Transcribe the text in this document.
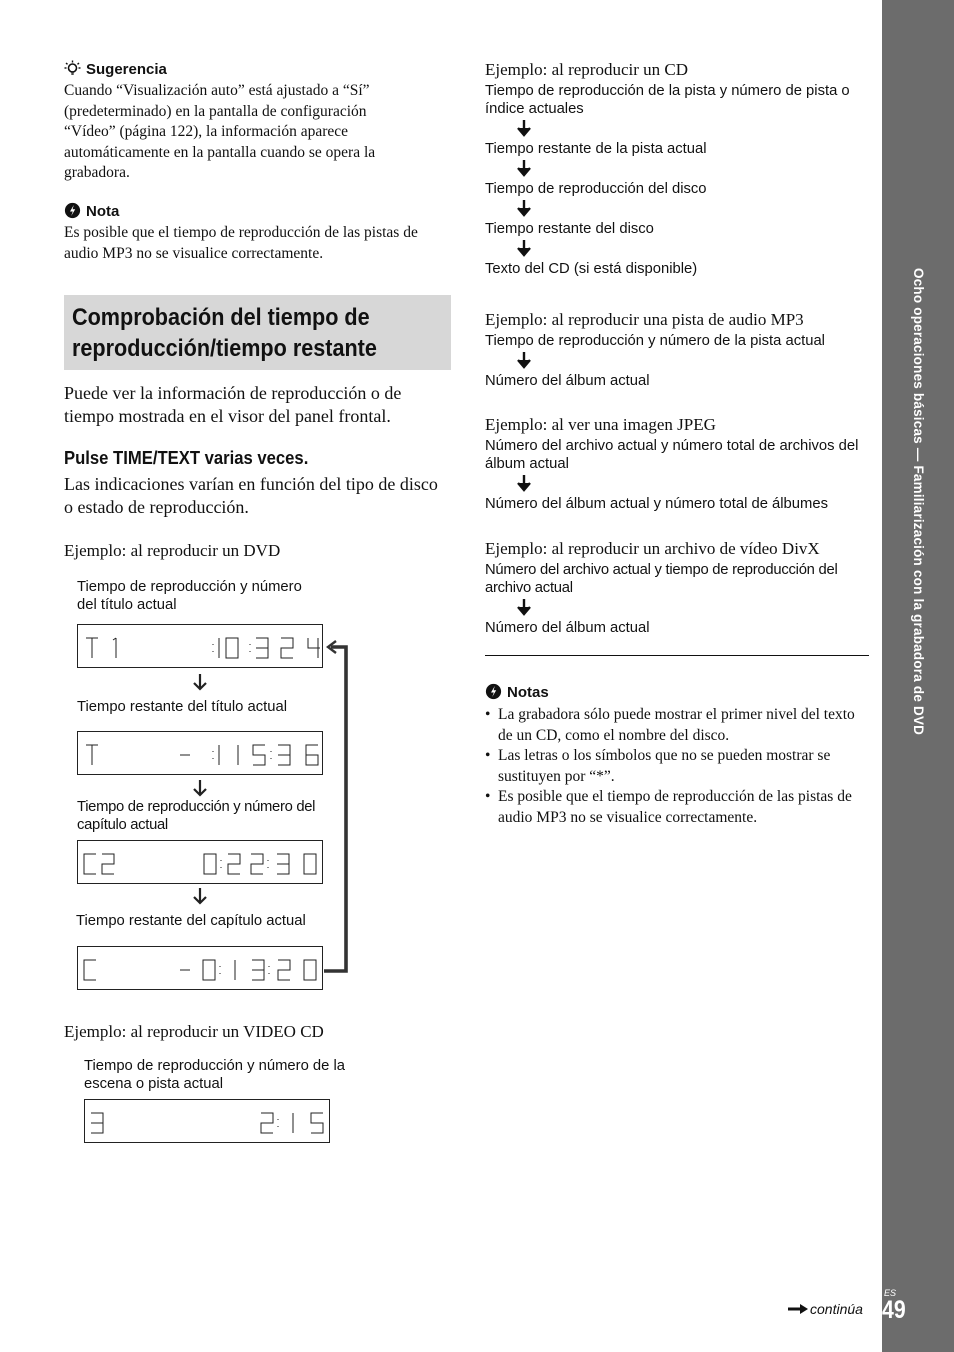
Ocho operaciones básicas — Familiarización con la grabadora de DVD
Sugerencia
Cuando “Visualización auto” está ajustado a “Sí” (predeterminado) en la pantalla de configuración “Vídeo” (página 122), la información aparece automáticamente en la pantalla cuando se opera la grabadora.
Nota
Es posible que el tiempo de reproducción de las pistas de audio MP3 no se visualice correctamente.
Comprobación del tiempo de
reproducción/tiempo restante
Puede ver la información de reproducción o de tiempo mostrada en el visor del panel frontal.
Pulse TIME/TEXT varias veces.
Las indicaciones varían en función del tipo de disco o estado de reproducción.
Ejemplo: al reproducir un DVD
Tiempo de reproducción y número
del título actual
Tiempo restante del título actual
Tiempo de reproducción y número del
capítulo actual
Tiempo restante del capítulo actual
Ejemplo: al reproducir un VIDEO CD
Tiempo de reproducción y número de la
escena o pista actual
Ejemplo: al reproducir un CD
Tiempo de reproducción de la pista y número de pista o índice actuales
Tiempo restante de la pista actual
Tiempo de reproducción del disco
Tiempo restante del disco
Texto del CD (si está disponible)
Ejemplo: al reproducir una pista de audio MP3
Tiempo de reproducción y número de la pista actual
Número del álbum actual
Ejemplo: al ver una imagen JPEG
Número del archivo actual y número total de archivos del álbum actual
Número del álbum actual y número total de álbumes
Ejemplo: al reproducir un archivo de vídeo DivX
Número del archivo actual y tiempo de reproducción del archivo actual
Número del álbum actual
Notas
• La grabadora sólo puede mostrar el primer nivel del texto de un CD, como el nombre del disco.
• Las letras o los símbolos que no se pueden mostrar se sustituyen por “*”.
• Es posible que el tiempo de reproducción de las pistas de audio MP3 no se visualice correctamente.
continúa
ES
49
